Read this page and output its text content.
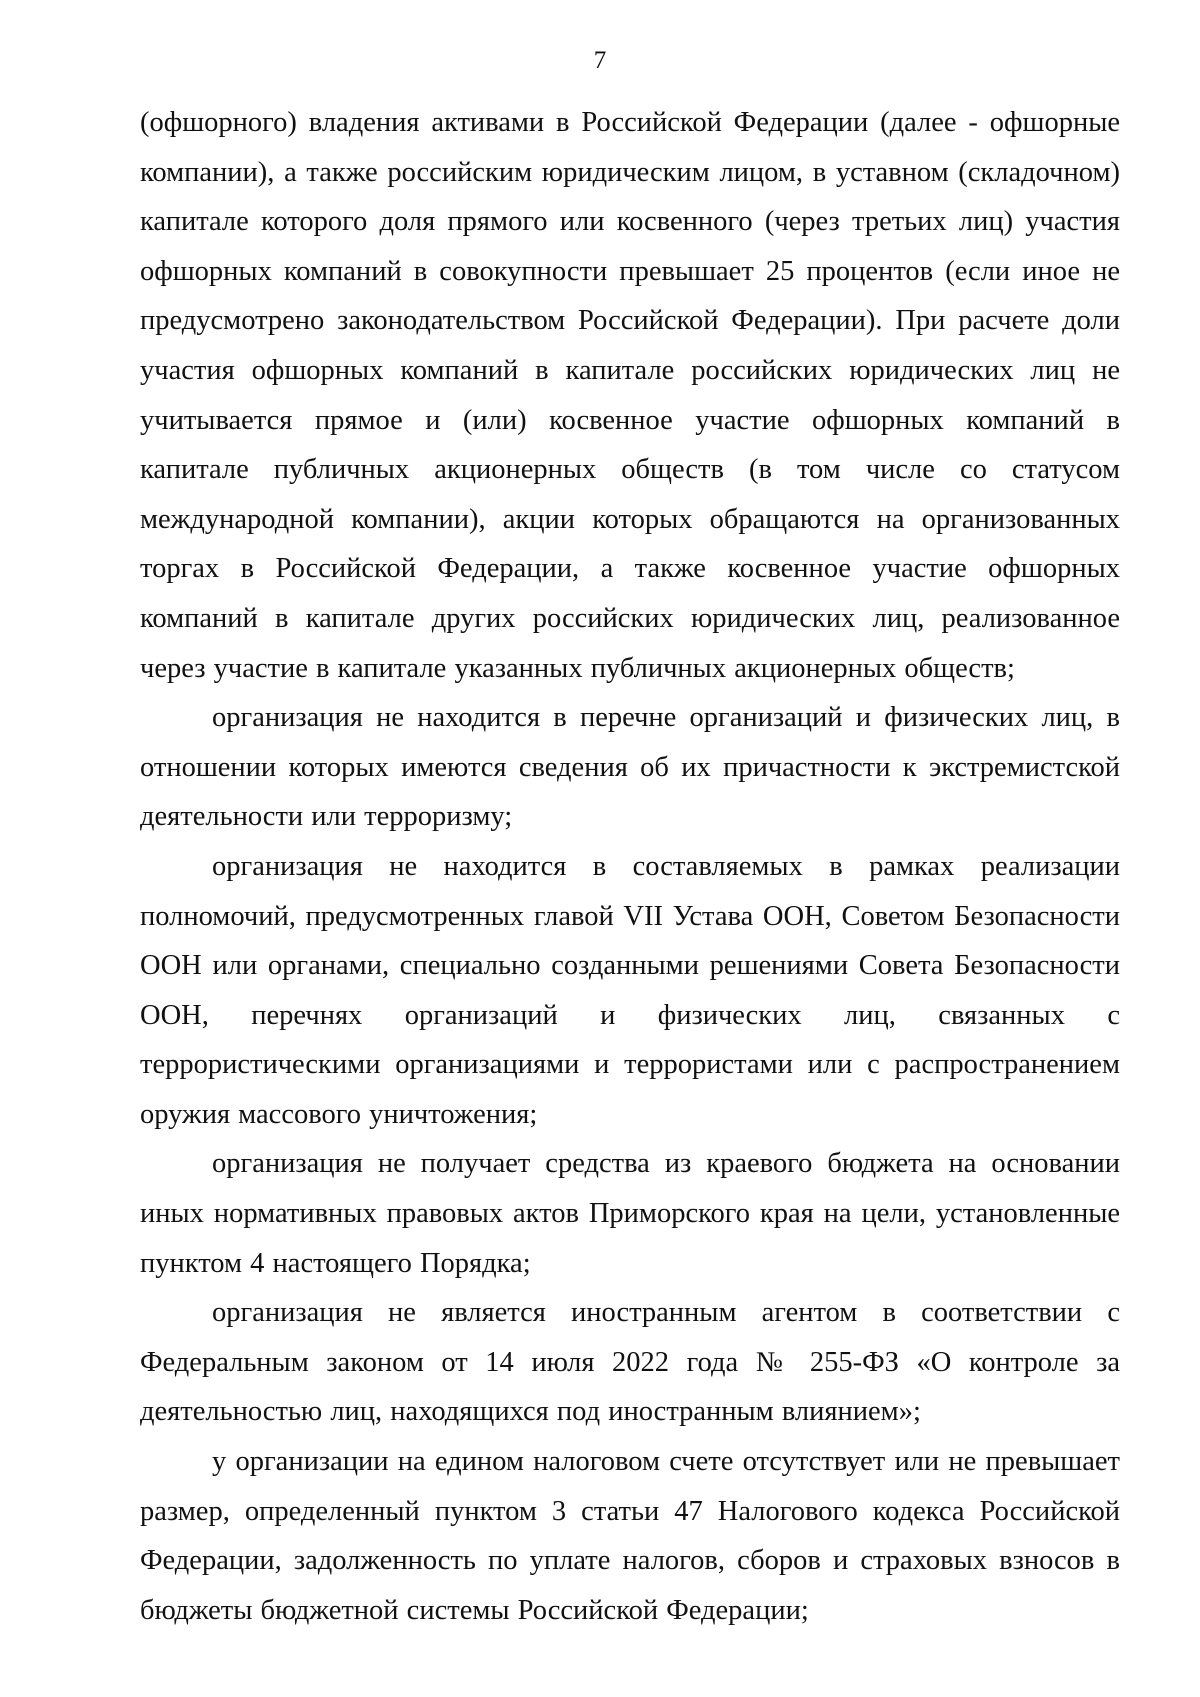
7

(офшорного) владения активами в Российской Федерации (далее - офшорные компании), а также российским юридическим лицом, в уставном (складочном) капитале которого доля прямого или косвенного (через третьих лиц) участия офшорных компаний в совокупности превышает 25 процентов (если иное не предусмотрено законодательством Российской Федерации). При расчете доли участия офшорных компаний в капитале российских юридических лиц не учитывается прямое и (или) косвенное участие офшорных компаний в капитале публичных акционерных обществ (в том числе со статусом международной компании), акции которых обращаются на организованных торгах в Российской Федерации, а также косвенное участие офшорных компаний в капитале других российских юридических лиц, реализованное через участие в капитале указанных публичных акционерных обществ;

организация не находится в перечне организаций и физических лиц, в отношении которых имеются сведения об их причастности к экстремистской деятельности или терроризму;

организация не находится в составляемых в рамках реализации полномочий, предусмотренных главой VII Устава ООН, Советом Безопасности ООН или органами, специально созданными решениями Совета Безопасности ООН, перечнях организаций и физических лиц, связанных с террористическими организациями и террористами или с распространением оружия массового уничтожения;

организация не получает средства из краевого бюджета на основании иных нормативных правовых актов Приморского края на цели, установленные пунктом 4 настоящего Порядка;

организация не является иностранным агентом в соответствии с Федеральным законом от 14 июля 2022 года № 255-ФЗ «О контроле за деятельностью лиц, находящихся под иностранным влиянием»;

у организации на едином налоговом счете отсутствует или не превышает размер, определенный пунктом 3 статьи 47 Налогового кодекса Российской Федерации, задолженность по уплате налогов, сборов и страховых взносов в бюджеты бюджетной системы Российской Федерации;
